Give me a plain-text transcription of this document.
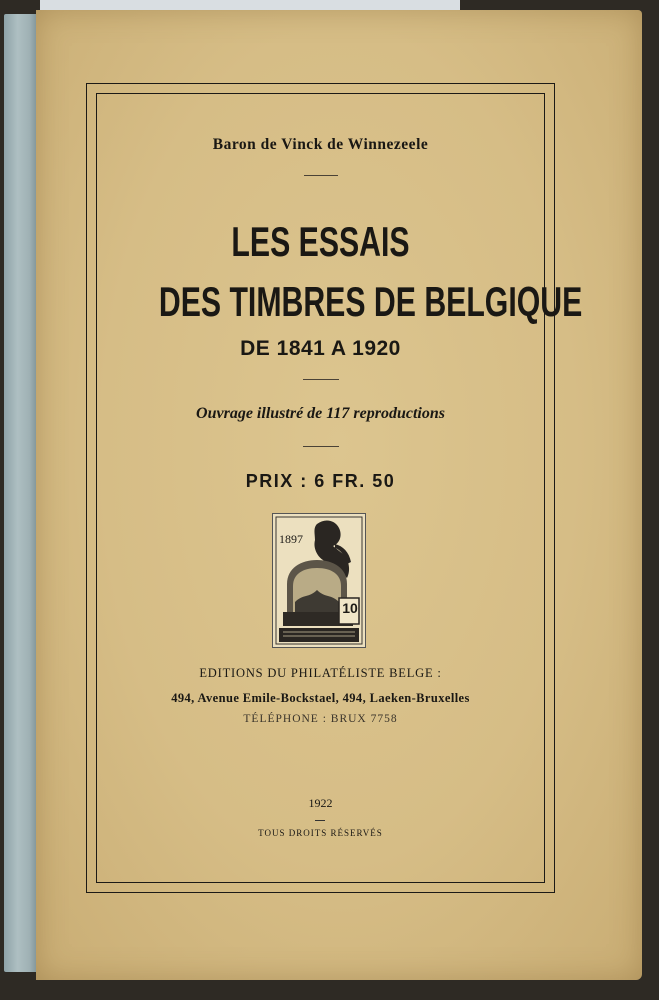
Baron de Vinck de Winnezeele

LES ESSAIS

DES TIMBRES DE BELGIQUE

DE 1841 A 1920

Ouvrage illustré de 117 reproductions

PRIX : 6 FR. 50

1897
10

EDITIONS DU PHILATÉLISTE BELGE :

494, Avenue Emile-Bockstael, 494, Laeken-Bruxelles

TÉLÉPHONE : BRUX 7758

1922

TOUS DROITS RÉSERVÉS
